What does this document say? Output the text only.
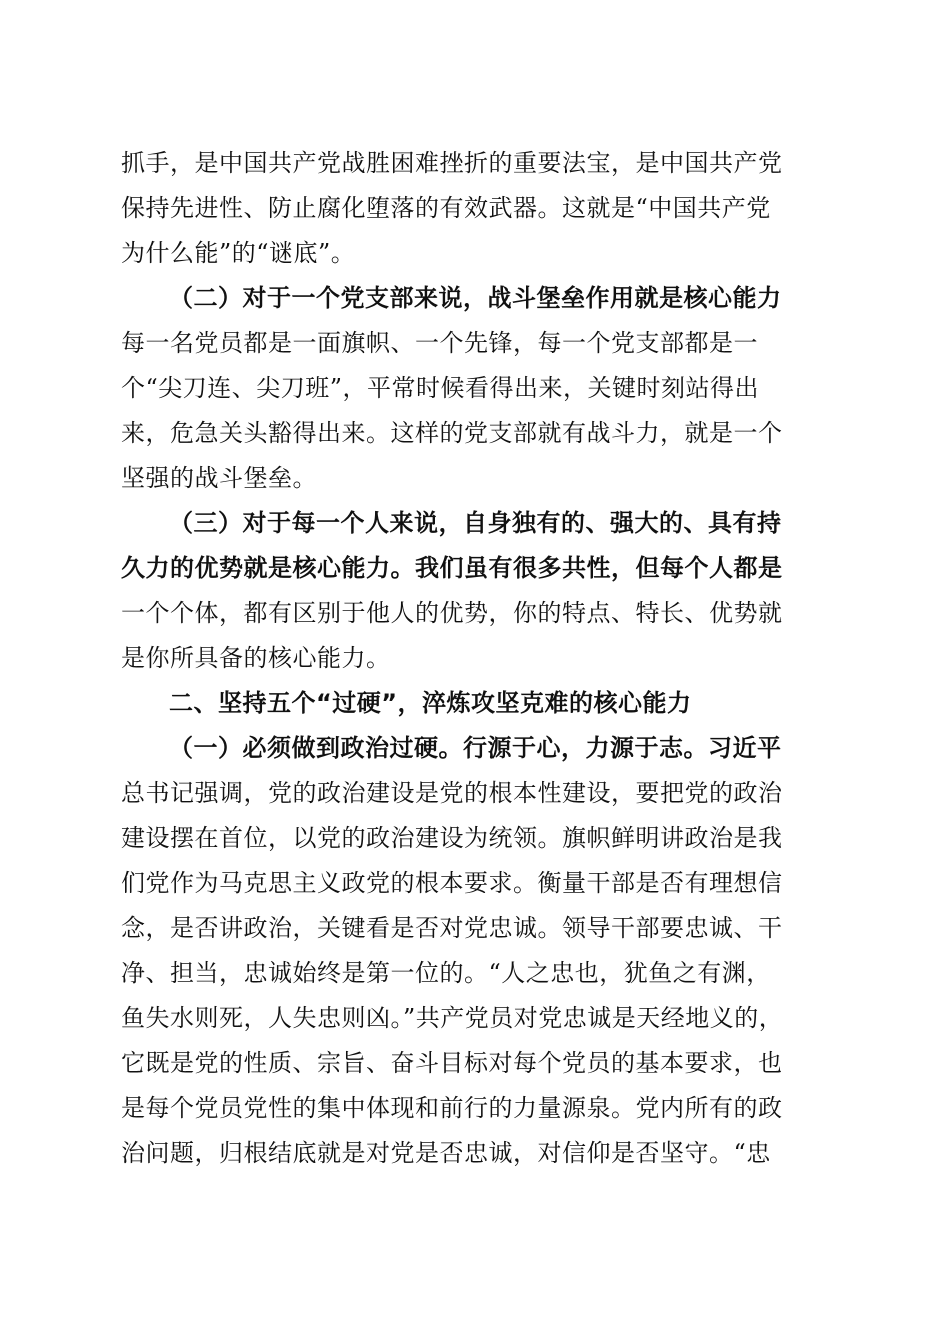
抓手，是中国共产党战胜困难挫折的重要法宝，是中国共产党
保持先进性、防止腐化堕落的有效武器。这就是“中国共产党
为什么能”的“谜底”。
（二）对于一个党支部来说，战斗堡垒作用就是核心能力
每一名党员都是一面旗帜、一个先锋，每一个党支部都是一
个“尖刀连、尖刀班”，平常时候看得出来，关键时刻站得出
来，危急关头豁得出来。这样的党支部就有战斗力，就是一个
坚强的战斗堡垒。
（三）对于每一个人来说，自身独有的、强大的、具有持
久力的优势就是核心能力。我们虽有很多共性，但每个人都是
一个个体，都有区别于他人的优势，你的特点、特长、优势就
是你所具备的核心能力。
二、坚持五个“过硬”，淬炼攻坚克难的核心能力
（一）必须做到政治过硬。行源于心，力源于志。习近平
总书记强调，党的政治建设是党的根本性建设，要把党的政治
建设摆在首位，以党的政治建设为统领。旗帜鲜明讲政治是我
们党作为马克思主义政党的根本要求。衡量干部是否有理想信
念，是否讲政治，关键看是否对党忠诚。领导干部要忠诚、干
净、担当，忠诚始终是第一位的。“人之忠也，犹鱼之有渊，
鱼失水则死，人失忠则凶。”共产党员对党忠诚是天经地义的，
它既是党的性质、宗旨、奋斗目标对每个党员的基本要求，也
是每个党员党性的集中体现和前行的力量源泉。党内所有的政
治问题，归根结底就是对党是否忠诚，对信仰是否坚守。“忠
